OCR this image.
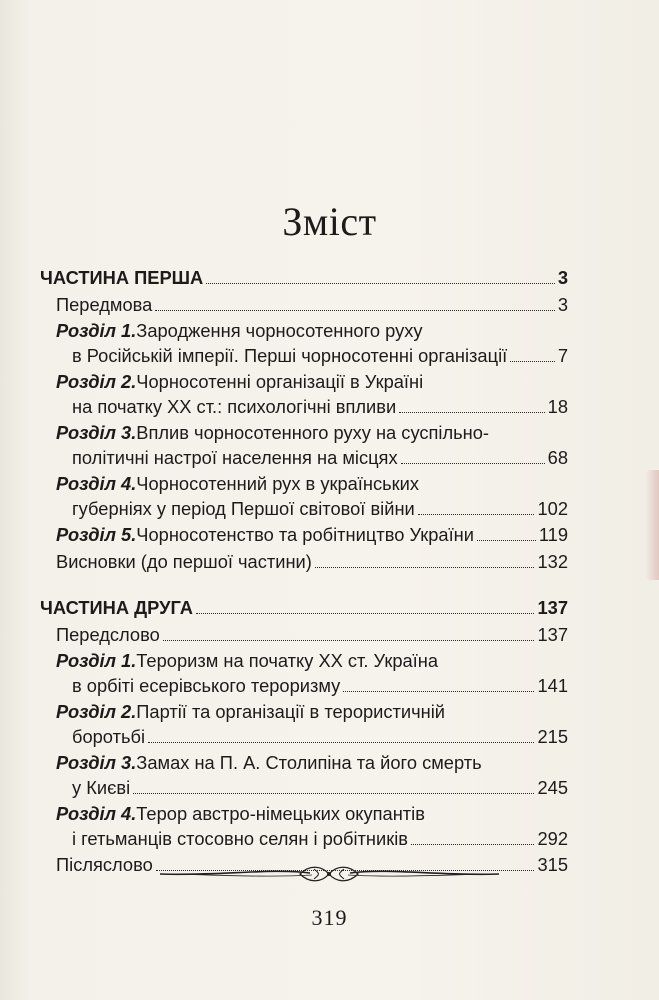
Зміст
ЧАСТИНА ПЕРША	3
Передмова	3
Розділ 1. Зародження чорносотенного руху
в Російській імперії. Перші чорносотенні організації	7
Розділ 2. Чорносотенні організації в Україні
на початку XX ст.: психологічні впливи	18
Розділ 3. Вплив чорносотенного руху на суспільно-
політичні настрої населення на місцях	68
Розділ 4. Чорносотенний рух в українських
губерніях у період Першої світової війни	102
Розділ 5. Чорносотенство та робітництво України	119
Висновки (до першої частини)	132
ЧАСТИНА ДРУГА	137
Передслово	137
Розділ 1. Тероризм на початку XX ст. Україна
в орбіті есерівського тероризму	141
Розділ 2. Партії та організації в терористичній
боротьбі	215
Розділ 3. Замах на П. А. Столипіна та його смерть
у Києві	245
Розділ 4. Терор австро-німецьких окупантів
і гетьманців стосовно селян і робітників	292
Післяслово	315
319
